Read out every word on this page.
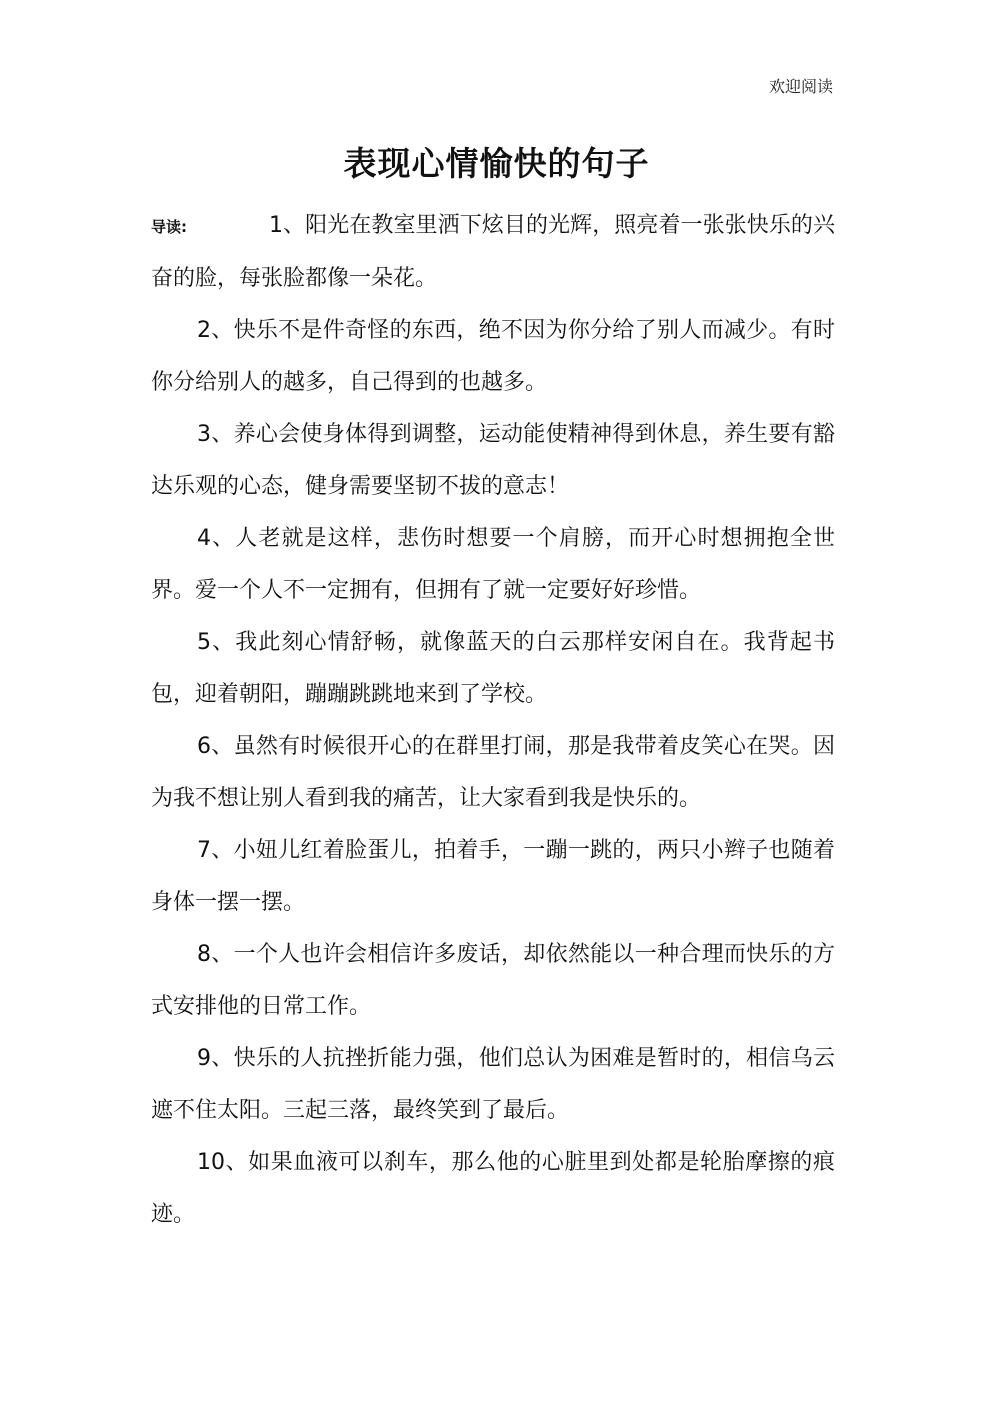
欢迎阅读
表现心情愉快的句子

导读:	1、阳光在教室里洒下炫目的光辉，照亮着一张张快乐的兴奋的脸，每张脸都像一朵花。

2、快乐不是件奇怪的东西，绝不因为你分给了别人而减少。有时你分给别人的越多，自己得到的也越多。

3、养心会使身体得到调整，运动能使精神得到休息，养生要有豁达乐观的心态，健身需要坚韧不拔的意志！

4、人老就是这样，悲伤时想要一个肩膀，而开心时想拥抱全世界。爱一个人不一定拥有，但拥有了就一定要好好珍惜。

5、我此刻心情舒畅，就像蓝天的白云那样安闲自在。我背起书包，迎着朝阳，蹦蹦跳跳地来到了学校。

6、虽然有时候很开心的在群里打闹，那是我带着皮笑心在哭。因为我不想让别人看到我的痛苦，让大家看到我是快乐的。

7、小妞儿红着脸蛋儿，拍着手，一蹦一跳的，两只小辫子也随着身体一摆一摆。

8、一个人也许会相信许多废话，却依然能以一种合理而快乐的方式安排他的日常工作。

9、快乐的人抗挫折能力强，他们总认为困难是暂时的，相信乌云遮不住太阳。三起三落，最终笑到了最后。

10、如果血液可以刹车，那么他的心脏里到处都是轮胎摩擦的痕迹。
